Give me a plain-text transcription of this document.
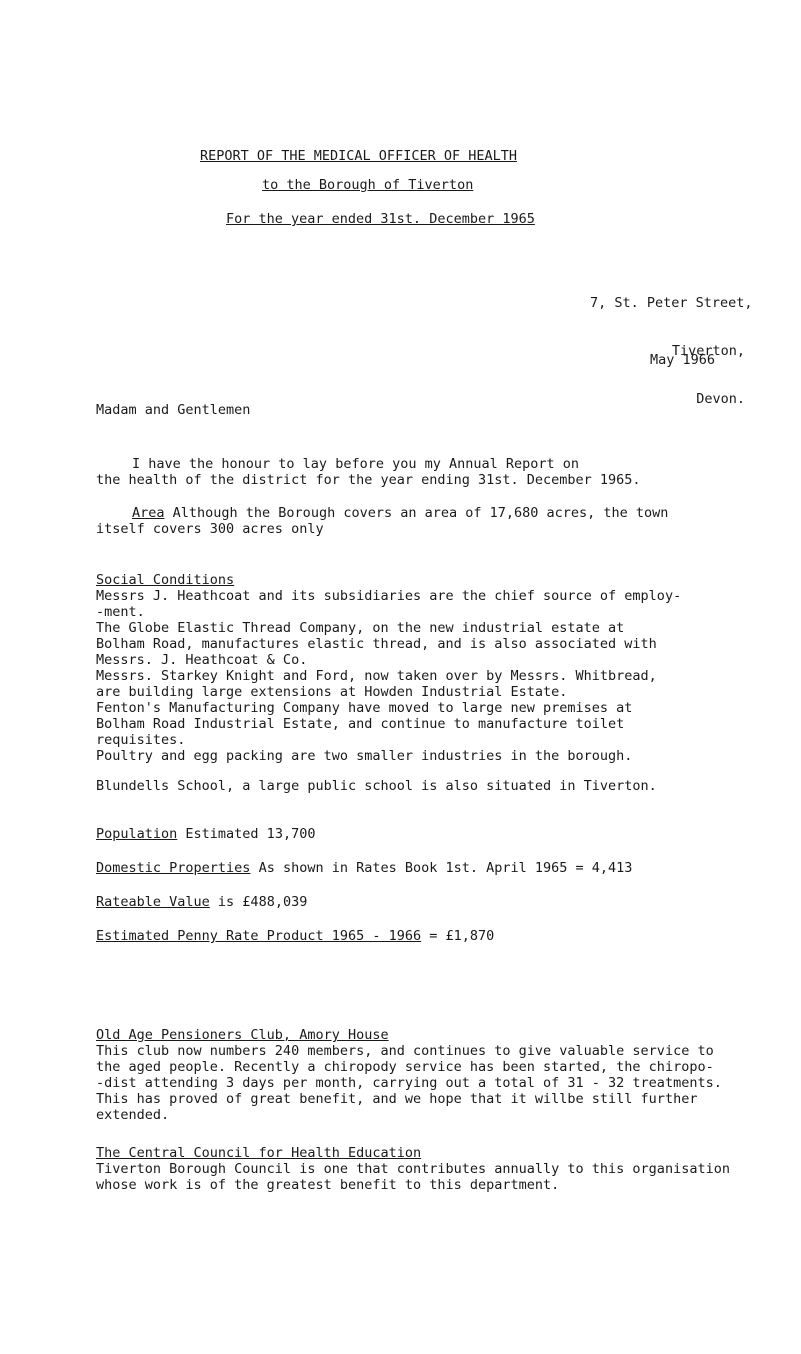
REPORT OF THE MEDICAL OFFICER OF HEALTH
to the Borough of Tiverton
For the year ended 31st. December 1965

7, St. Peter Street,

Tiverton,

Devon.

May 1966
Madam and Gentlemen
I have the honour to lay before you my Annual Report on
the health of the district for the year ending 31st. December 1965.
Area Although the Borough covers an area of 17,680 acres, the town
itself covers 300 acres only
Social Conditions
Messrs J. Heathcoat and its subsidiaries are the chief source of employ-
-ment.
The Globe Elastic Thread Company, on the new industrial estate at
Bolham Road, manufactures elastic thread, and is also associated with
Messrs. J. Heathcoat & Co.
Messrs. Starkey Knight and Ford, now taken over by Messrs. Whitbread,
are building large extensions at Howden Industrial Estate.
Fenton's Manufacturing Company have moved to large new premises at
Bolham Road Industrial Estate, and continue to manufacture toilet
requisites.
Poultry and egg packing are two smaller industries in the borough.
Blundells School, a large public school is also situated in Tiverton.
Population Estimated 13,700
Domestic Properties As shown in Rates Book 1st. April 1965 = 4,413
Rateable Value is £488,039
Estimated Penny Rate Product 1965 - 1966 = £1,870
Old Age Pensioners Club, Amory House
This club now numbers 240 members, and continues to give valuable service to
the aged people. Recently a chiropody service has been started, the chiropo-
-dist attending 3 days per month, carrying out a total of 31 - 32 treatments.
This has proved of great benefit, and we hope that it willbe still further
extended.
The Central Council for Health Education
Tiverton Borough Council is one that contributes annually to this organisation
whose work is of the greatest benefit to this department.
